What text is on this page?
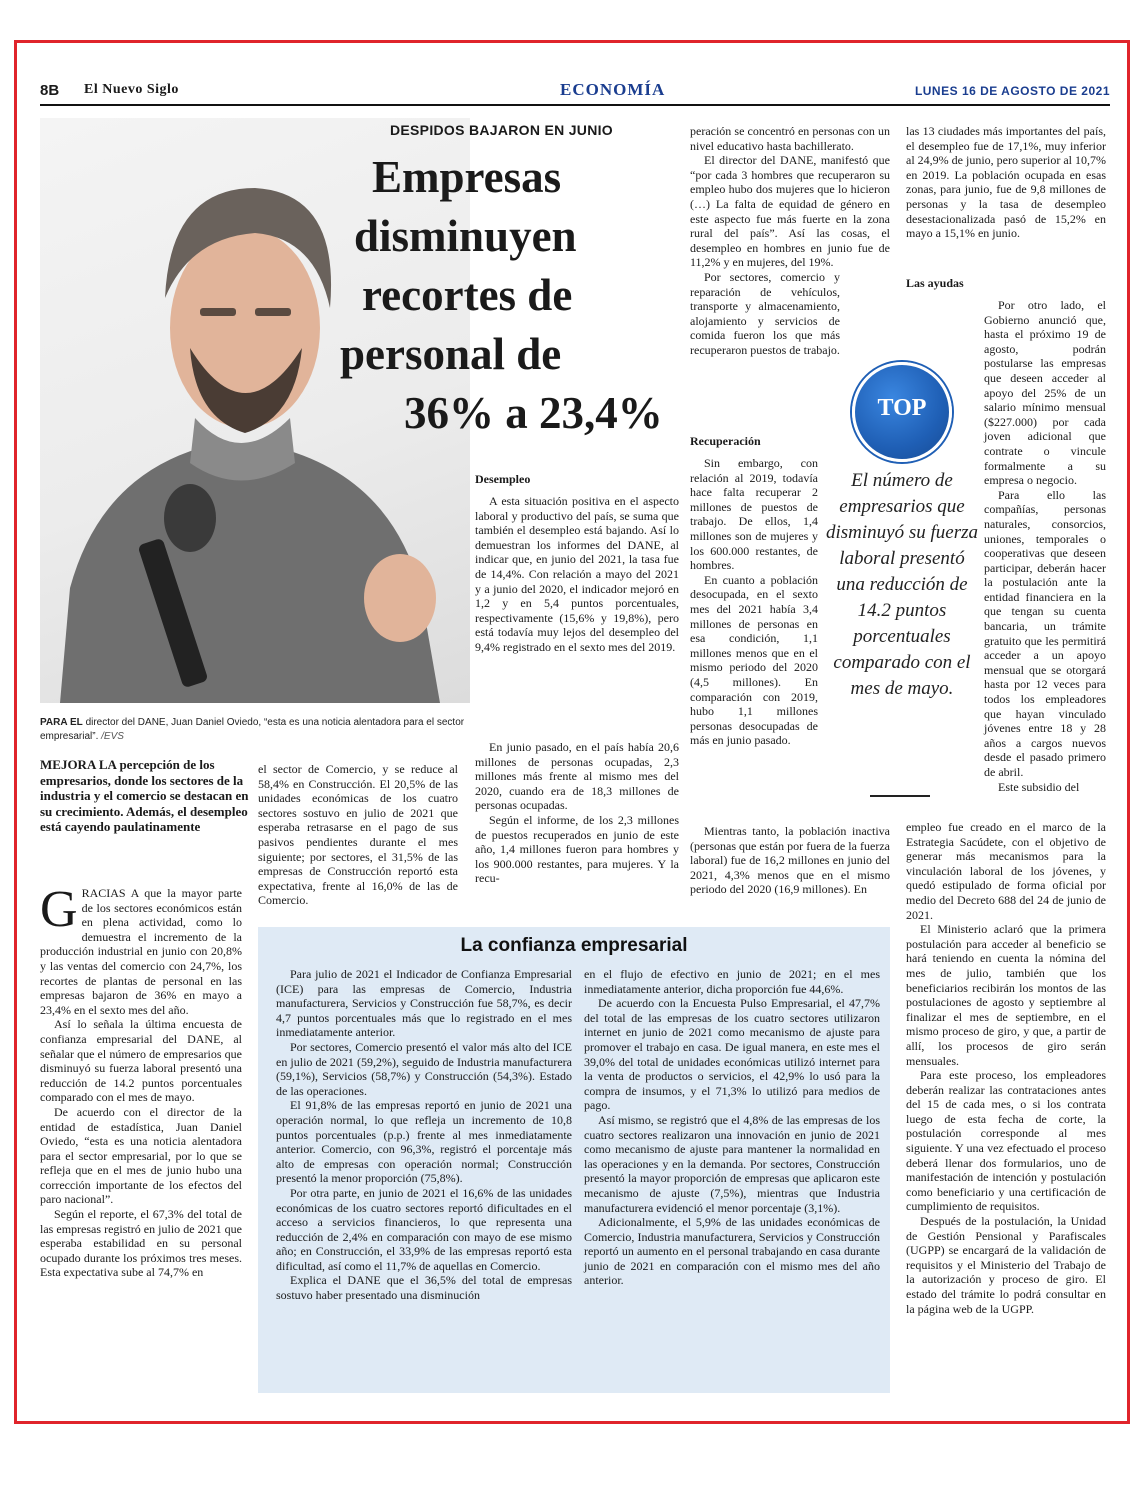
8B El Nuevo Siglo	ECONOMÍA	LUNES 16 DE AGOSTO DE 2021
DESPIDOS BAJARON EN JUNIO
Empresas
disminuyen
recortes de
personal de
36% a 23,4%
PARA EL director del DANE, Juan Daniel Oviedo, “esta es una noticia alentadora para el sector empresarial”. /EVS
MEJORA LA percepción de los empresarios, donde los sectores de la industria y el comercio se destacan en su crecimiento. Además, el desempleo está cayendo paulatinamente

GRACIAS A que la mayor parte de los sectores económicos están en plena actividad, como lo demuestra el incremento de la producción industrial en junio con 20,8% y las ventas del comercio con 24,7%, los recortes de plantas de personal en las empresas bajaron de 36% en mayo a 23,4% en el sexto mes del año.

Así lo señala la última encuesta de confianza empresarial del DANE, al señalar que el número de empresarios que disminuyó su fuerza laboral presentó una reducción de 14.2 puntos porcentuales comparado con el mes de mayo.

De acuerdo con el director de la entidad de estadística, Juan Daniel Oviedo, “esta es una noticia alentadora para el sector empresarial, por lo que se refleja que en el mes de junio hubo una corrección importante de los efectos del paro nacional”.

Según el reporte, el 67,3% del total de las empresas registró en julio de 2021 que esperaba estabilidad en su personal ocupado durante los próximos tres meses. Esta expectativa sube al 74,7% en

el sector de Comercio, y se reduce al 58,4% en Construcción. El 20,5% de las unidades económicas de los cuatro sectores sostuvo en julio de 2021 que esperaba retrasarse en el pago de sus pasivos pendientes durante el mes siguiente; por sectores, el 31,5% de las empresas de Construcción reportó esta expectativa, frente al 16,0% de las de Comercio.

Desempleo

A esta situación positiva en el aspecto laboral y productivo del país, se suma que también el desempleo está bajando. Así lo demuestran los informes del DANE, al indicar que, en junio del 2021, la tasa fue de 14,4%. Con relación a mayo del 2021 y a junio del 2020, el indicador mejoró en 1,2 y en 5,4 puntos porcentuales, respectivamente (15,6% y 19,8%), pero está todavía muy lejos del desempleo del 9,4% registrado en el sexto mes del 2019.

En junio pasado, en el país había 20,6 millones de personas ocupadas, 2,3 millones más frente al mismo mes del 2020, cuando era de 18,3 millones de personas ocupadas.

Según el informe, de los 2,3 millones de puestos recuperados en junio de este año, 1,4 millones fueron para hombres y los 900.000 restantes, para mujeres. Y la recu-

peración se concentró en personas con un nivel educativo hasta bachillerato.

El director del DANE, manifestó que “por cada 3 hombres que recuperaron su empleo hubo dos mujeres que lo hicieron (…) La falta de equidad de género en este aspecto fue más fuerte en la zona rural del país”. Así las cosas, el desempleo en hombres en junio fue de 11,2% y en mujeres, del 19%.

Por sectores, comercio y reparación de vehículos, transporte y almacenamiento, alojamiento y servicios de comida fueron los que más recuperaron puestos de trabajo.

Recuperación

Sin embargo, con relación al 2019, todavía hace falta recuperar 2 millones de puestos de trabajo. De ellos, 1,4 millones son de mujeres y los 600.000 restantes, de hombres.

En cuanto a población desocupada, en el sexto mes del 2021 había 3,4 millones de personas en esa condición, 1,1 millones menos que en el mismo periodo del 2020 (4,5 millones). En comparación con 2019, hubo 1,1 millones personas desocupadas de más en junio pasado.

Mientras tanto, la población inactiva (personas que están por fuera de la fuerza laboral) fue de 16,2 millones en junio del 2021, 4,3% menos que en el mismo periodo del 2020 (16,9 millones). En

TOP
El número de empresarios que disminuyó su fuerza laboral presentó una reducción de 14.2 puntos porcentuales comparado con el mes de mayo.

las 13 ciudades más importantes del país, el desempleo fue de 17,1%, muy inferior al 24,9% de junio, pero superior al 10,7% en 2019. La población ocupada en esas zonas, para junio, fue de 9,8 millones de personas y la tasa de desempleo desestacionalizada pasó de 15,2% en mayo a 15,1% en junio.

Las ayudas

Por otro lado, el Gobierno anunció que, hasta el próximo 19 de agosto, podrán postularse las empresas que deseen acceder al apoyo del 25% de un salario mínimo mensual ($227.000) por cada joven adicional que contrate o vincule formalmente a su empresa o negocio.

Para ello las compañías, personas naturales, consorcios, uniones, temporales o cooperativas que deseen participar, deberán hacer la postulación ante la entidad financiera en la que tengan su cuenta bancaria, un trámite gratuito que les permitirá acceder a un apoyo mensual que se otorgará hasta por 12 veces para todos los empleadores que hayan vinculado jóvenes entre 18 y 28 años a cargos nuevos desde el pasado primero de abril.

Este subsidio del

empleo fue creado en el marco de la Estrategia Sacúdete, con el objetivo de generar más mecanismos para la vinculación laboral de los jóvenes, y quedó estipulado de forma oficial por medio del Decreto 688 del 24 de junio de 2021.

El Ministerio aclaró que la primera postulación para acceder al beneficio se hará teniendo en cuenta la nómina del mes de julio, también que los beneficiarios recibirán los montos de las postulaciones de agosto y septiembre al finalizar el mes de septiembre, en el mismo proceso de giro, y que, a partir de allí, los procesos de giro serán mensuales.

Para este proceso, los empleadores deberán realizar las contrataciones antes del 15 de cada mes, o si los contrata luego de esta fecha de corte, la postulación corresponde al mes siguiente. Y una vez efectuado el proceso deberá llenar dos formularios, uno de manifestación de intención y postulación como beneficiario y una certificación de cumplimiento de requisitos.

Después de la postulación, la Unidad de Gestión Pensional y Parafiscales (UGPP) se encargará de la validación de requisitos y el Ministerio del Trabajo de la autorización y proceso de giro. El estado del trámite lo podrá consultar en la página web de la UGPP.

La confianza empresarial

Para julio de 2021 el Indicador de Confianza Empresarial (ICE) para las empresas de Comercio, Industria manufacturera, Servicios y Construcción fue 58,7%, es decir 4,7 puntos porcentuales más que lo registrado en el mes inmediatamente anterior.

Por sectores, Comercio presentó el valor más alto del ICE en julio de 2021 (59,2%), seguido de Industria manufacturera (59,1%), Servicios (58,7%) y Construcción (54,3%). Estado de las operaciones.

El 91,8% de las empresas reportó en junio de 2021 una operación normal, lo que refleja un incremento de 10,8 puntos porcentuales (p.p.) frente al mes inmediatamente anterior. Comercio, con 96,3%, registró el porcentaje más alto de empresas con operación normal; Construcción presentó la menor proporción (75,8%).

Por otra parte, en junio de 2021 el 16,6% de las unidades económicas de los cuatro sectores reportó dificultades en el acceso a servicios financieros, lo que representa una reducción de 2,4% en comparación con mayo de ese mismo año; en Construcción, el 33,9% de las empresas reportó esta dificultad, así como el 11,7% de aquellas en Comercio.

Explica el DANE que el 36,5% del total de empresas sostuvo haber presentado una disminución

en el flujo de efectivo en junio de 2021; en el mes inmediatamente anterior, dicha proporción fue 44,6%.

De acuerdo con la Encuesta Pulso Empresarial, el 47,7% del total de las empresas de los cuatro sectores utilizaron internet en junio de 2021 como mecanismo de ajuste para promover el trabajo en casa. De igual manera, en este mes el 39,0% del total de unidades económicas utilizó internet para la venta de productos o servicios, el 42,9% lo usó para la compra de insumos, y el 71,3% lo utilizó para medios de pago.

Así mismo, se registró que el 4,8% de las empresas de los cuatro sectores realizaron una innovación en junio de 2021 como mecanismo de ajuste para mantener la normalidad en las operaciones y en la demanda. Por sectores, Construcción presentó la mayor proporción de empresas que aplicaron este mecanismo de ajuste (7,5%), mientras que Industria manufacturera evidenció el menor porcentaje (3,1%).

Adicionalmente, el 5,9% de las unidades económicas de Comercio, Industria manufacturera, Servicios y Construcción reportó un aumento en el personal trabajando en casa durante junio de 2021 en comparación con el mismo mes del año anterior.
